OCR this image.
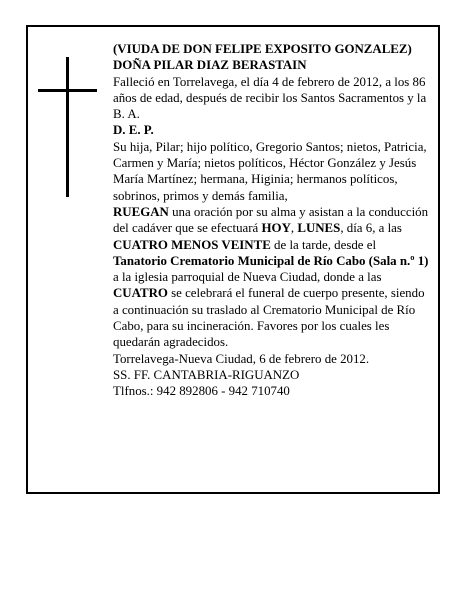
(VIUDA DE DON FELIPE EXPOSITO GONZALEZ)

DOÑA PILAR DIAZ BERASTAIN

Falleció en Torrelavega, el día 4 de febrero de 2012, a los 86 años de edad, después de recibir los Santos Sacramentos y la B. A.

D. E. P.

Su hija, Pilar; hijo político, Gregorio Santos; nietos, Patricia, Carmen y María; nietos políticos, Héctor González y Jesús María Martínez; hermana, Higinia; hermanos políticos, sobrinos, primos y demás familia,

RUEGAN una oración por su alma y asistan a la conducción del cadáver que se efectuará HOY, LUNES, día 6, a las CUATRO MENOS VEINTE de la tarde, desde el Tanatorio Crematorio Municipal de Río Cabo (Sala n.º 1) a la iglesia parroquial de Nueva Ciudad, donde a las CUATRO se celebrará el funeral de cuerpo presente, siendo a continuación su traslado al Crematorio Municipal de Río Cabo, para su incineración. Favores por los cuales les quedarán agradecidos.

Torrelavega-Nueva Ciudad, 6 de febrero de 2012.

SS. FF. CANTABRIA-RIGUANZO

Tlfnos.: 942 892806 - 942 710740
